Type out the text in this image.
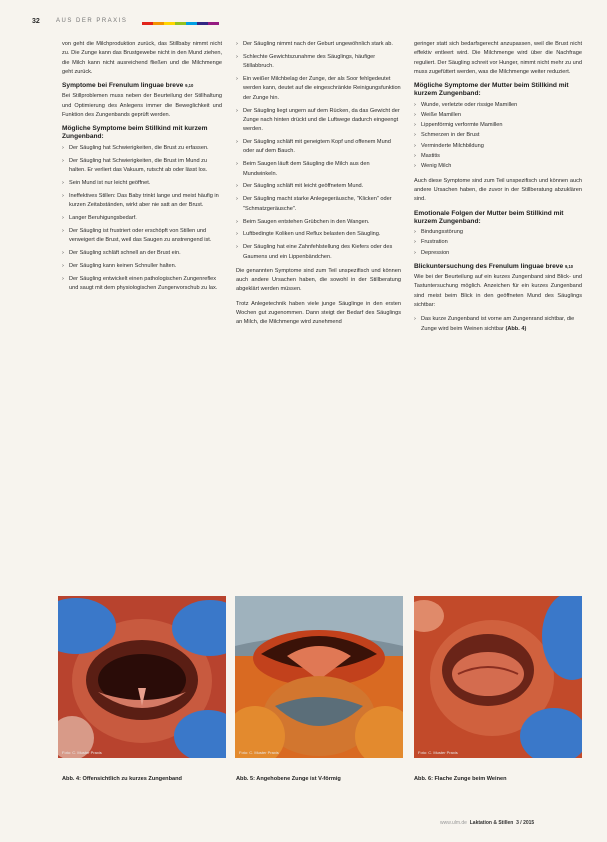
32	AUS DER PRAXIS

von geht die Milchproduktion zurück, das Stillbaby nimmt nicht zu. Die Zunge kann das Brustgewebe nicht in den Mund ziehen, die Milch kann nicht ausreichend fließen und die Milchmenge geht zurück.

Symptome bei Frenulum linguae breve $^{9,10}$

Bei Stillproblemen muss neben der Beurteilung der Stillhaltung und Optimierung des Anlegens immer die Beweglichkeit und Funktion des Zungenbands geprüft werden.

Mögliche Symptome beim Stillkind mit kurzem Zungenband:
› Der Säugling hat Schwierigkeiten, die Brust zu erfassen.
› Der Säugling hat Schwierigkeiten, die Brust im Mund zu halten. Er verliert das Vakuum, rutscht ab oder lässt los.
› Sein Mund ist nur leicht geöffnet.
› Ineffektives Stillen: Das Baby trinkt lange und meist häufig in kurzen Zeitabständen, wirkt aber nie satt an der Brust.
› Langer Beruhigungsbedarf.
› Der Säugling ist frustriert oder erschöpft von Stillen und verweigert die Brust, weil das Saugen zu anstrengend ist.
› Der Säugling schläft schnell an der Brust ein.
› Der Säugling kann keinen Schnuller halten.
› Der Säugling entwickelt einen pathologischen Zungenreflex und saugt mit dem physiologischen Zungenvorschub zu lax.
› Der Säugling nimmt nach der Geburt ungewöhnlich stark ab.
› Schlechte Gewichtszunahme des Säuglings, häufiger Stillabbruch.
› Ein weißer Milchbelag der Zunge, der als Soor fehlgedeutet werden kann, deutet auf die eingeschränkte Reinigungsfunktion der Zunge hin.
› Der Säugling liegt ungern auf dem Rücken, da das Gewicht der Zunge nach hinten drückt und die Luftwege dadurch eingeengt werden.
› Der Säugling schläft mit geneigtem Kopf und offenem Mund oder auf dem Bauch.
› Beim Saugen läuft dem Säugling die Milch aus den Mundwinkeln.
› Der Säugling schläft mit leicht geöffnetem Mund.
› Der Säugling macht starke Anlegegeräusche, "Klicken" oder "Schmatzgeräusche".
› Beim Saugen entstehen Grübchen in den Wangen.
› Luftbedingte Koliken und Reflux belasten den Säugling.
› Der Säugling hat eine Zahnfehlstellung des Kiefers oder des Gaumens und ein Lippenbändchen.

Die genannten Symptome sind zum Teil unspezifisch und können auch andere Ursachen haben, die sowohl in der Stillberatung abgeklärt werden müssen.

Trotz Anlegetechnik haben viele junge Säuglinge in den ersten Wochen gut zugenommen. Dann steigt der Bedarf des Säuglings an Milch, die Milchmenge wird zunehmend

geringer statt sich bedarfsgerecht anzupassen, weil die Brust nicht effektiv entleert wird. Die Milchmenge wird über die Nachfrage reguliert. Der Säugling schreit vor Hunger, nimmt nicht mehr zu und muss zugefüttert werden, was die Milchmenge weiter reduziert.

Mögliche Symptome der Mutter beim Stillkind mit kurzem Zungenband:
› Wunde, verletzte oder rissige Mamillen
› Weiße Mamillen
› Lippenförmig verformte Mamillen
› Schmerzen in der Brust
› Verminderte Milchbildung
› Mastitis
› Wenig Milch

Auch diese Symptome sind zum Teil unspezifisch und können auch andere Ursachen haben, die zuvor in der Stillberatung abzuklären sind.

Emotionale Folgen der Mutter beim Stillkind mit kurzem Zungenband:
› Bindungsstörung
› Frustration
› Depression
Blickuntersuchung des Frenulum linguae breve $^{9,10}$

Wie bei der Beurteilung auf ein kurzes Zungenband sind Blick- und Tastuntersuchung möglich. Anzeichen für ein kurzes Zungenband sind meist beim Blick in den geöffneten Mund des Säuglings sichtbar:

› Das kurze Zungenband ist vorne am Zungenrand sichtbar, die Zunge wird beim Weinen sichtbar (Abb. 4)
Foto: C. Muster Praxis	Foto: C. Muster Praxis	Foto: C. Muster Praxis
Abb. 4: Offensichtlich zu kurzes Zungenband	Abb. 5: Angehobene Zunge ist V-förmig	Abb. 6: Flache Zunge beim Weinen
www.ulm.de Laktation & Stillen 3 / 2015
